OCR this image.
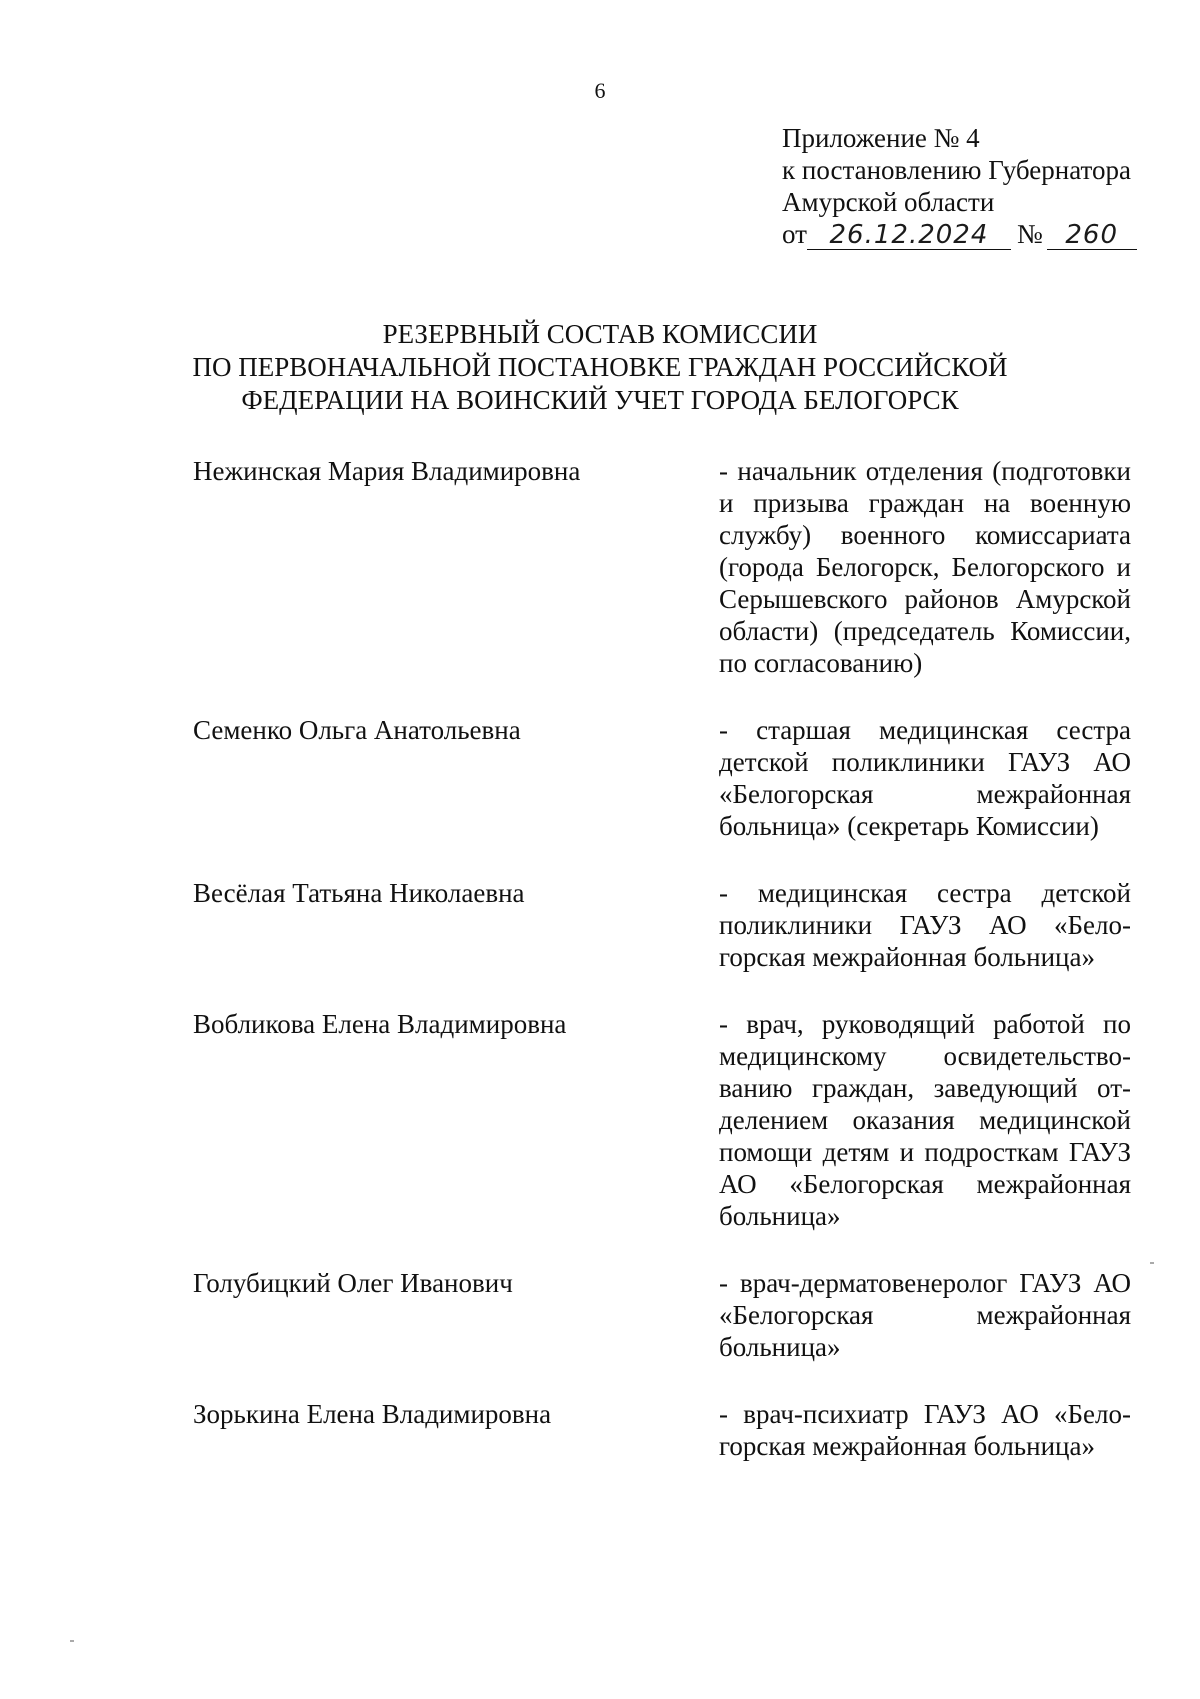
6
Приложение № 4
к постановлению Губернатора
Амурской области
от 26.12.2024 № 260
РЕЗЕРВНЫЙ СОСТАВ КОМИССИИ
ПО ПЕРВОНАЧАЛЬНОЙ ПОСТАНОВКЕ ГРАЖДАН РОССИЙСКОЙ
ФЕДЕРАЦИИ НА ВОИНСКИЙ УЧЕТ ГОРОДА БЕЛОГОРСК
Нежинская Мария Владимировна	- начальник отделения (подготовки и призыва граждан на военную службу) военного комиссариата (города Белогорск, Белогорского и Серышевского районов Амурской области) (председатель Комиссии, по согласованию)
Семенко Ольга Анатольевна	- старшая медицинская сестра детской поликлиники ГАУЗ АО «Белогорская межрайонная больница» (секретарь Комиссии)
Весёлая Татьяна Николаевна	- медицинская сестра детской поликлиники ГАУЗ АО «Белогорская межрайонная больница»
Вобликова Елена Владимировна	- врач, руководящий работой по медицинскому освидетельствованию граждан, заведующий отделением оказания медицинской помощи детям и подросткам ГАУЗ АО «Белогорская межрайонная больница»
Голубицкий Олег Иванович	- врач-дерматовенеролог ГАУЗ АО «Белогорская межрайонная больница»
Зорькина Елена Владимировна	- врач-психиатр ГАУЗ АО «Белогорская межрайонная больница»
